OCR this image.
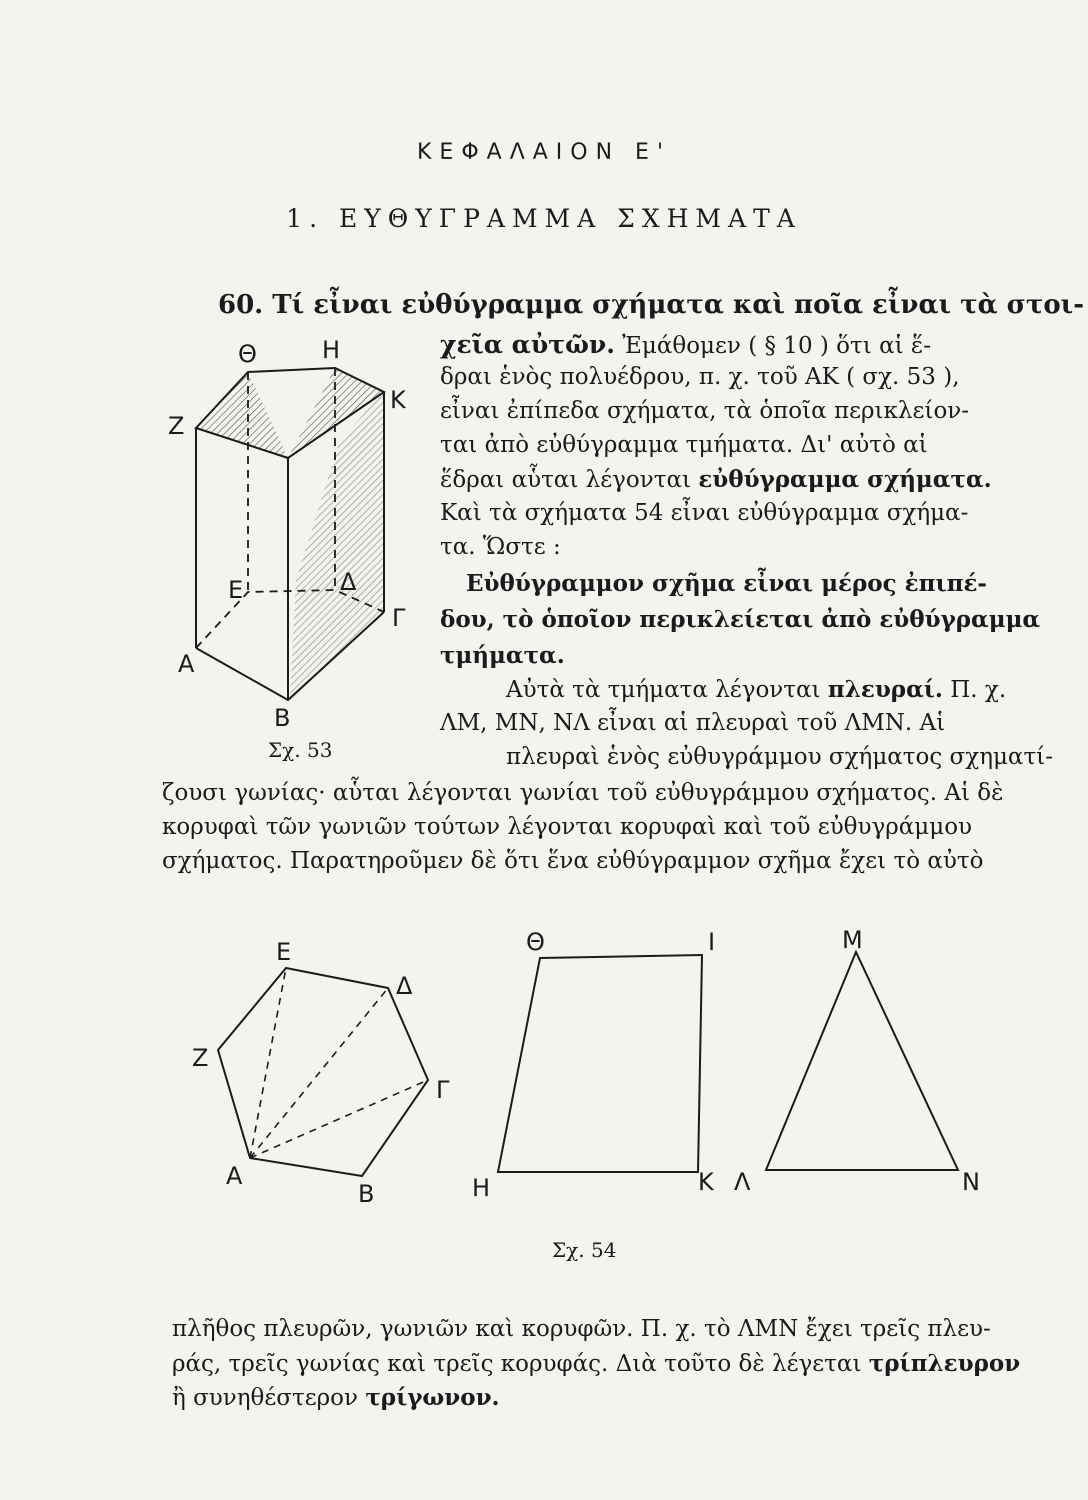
ΚΕΦΑΛΑΙΟΝ Ε'
1. ΕΥΘΥΓΡΑΜΜΑ ΣΧΗΜΑΤΑ
60. Τί εἶναι εὐθύγραμμα σχήματα καὶ ποῖα εἶναι τὰ στοι-
χεῖα αὐτῶν. Ἐμάθομεν ( § 10 ) ὅτι αἱ ἕ-
δραι ἑνὸς πολυέδρου, π. χ. τοῦ ΑΚ ( σχ. 53 ),
εἶναι ἐπίπεδα σχήματα, τὰ ὁποῖα περικλείον-
ται ἀπὸ εὐθύγραμμα τμήματα. Δι' αὐτὸ αἱ
ἕδραι αὗται λέγονται εὐθύγραμμα σχήματα.
Καὶ τὰ σχήματα 54 εἶναι εὐθύγραμμα σχήμα-
τα. Ὥστε :
Εὐθύγραμμον σχῆμα εἶναι μέρος ἐπιπέ-
δου, τὸ ὁποῖον περικλείεται ἀπὸ εὐθύγραμμα
τμήματα.
Αὐτὰ τὰ τμήματα λέγονται πλευραί. Π. χ.
ΛΜ, ΜΝ, ΝΛ εἶναι αἱ πλευραὶ τοῦ ΛΜΝ. Αἱ
πλευραὶ ἑνὸς εὐθυγράμμου σχήματος σχηματί-
ζουσι γωνίας· αὗται λέγονται γωνίαι τοῦ εὐθυγράμμου σχήματος. Αἱ δὲ
κορυφαὶ τῶν γωνιῶν τούτων λέγονται κορυφαὶ καὶ τοῦ εὐθυγράμμου
σχήματος. Παρατηροῦμεν δὲ ὅτι ἕνα εὐθύγραμμον σχῆμα ἔχει τὸ αὐτὸ
Θ	Η
Κ
Ζ
Ε	Δ
Γ
Α
Β
Σχ. 53
Ε
Δ
Ζ
Γ
Α
Β
Θ	Ι
Η	Κ
Μ
Λ	Ν
Σχ. 54
πλῆθος πλευρῶν, γωνιῶν καὶ κορυφῶν. Π. χ. τὸ ΛΜΝ ἔχει τρεῖς πλευ-
ράς, τρεῖς γωνίας καὶ τρεῖς κορυφάς. Διὰ τοῦτο δὲ λέγεται τρίπλευρον
ἢ συνηθέστερον τρίγωνον.
